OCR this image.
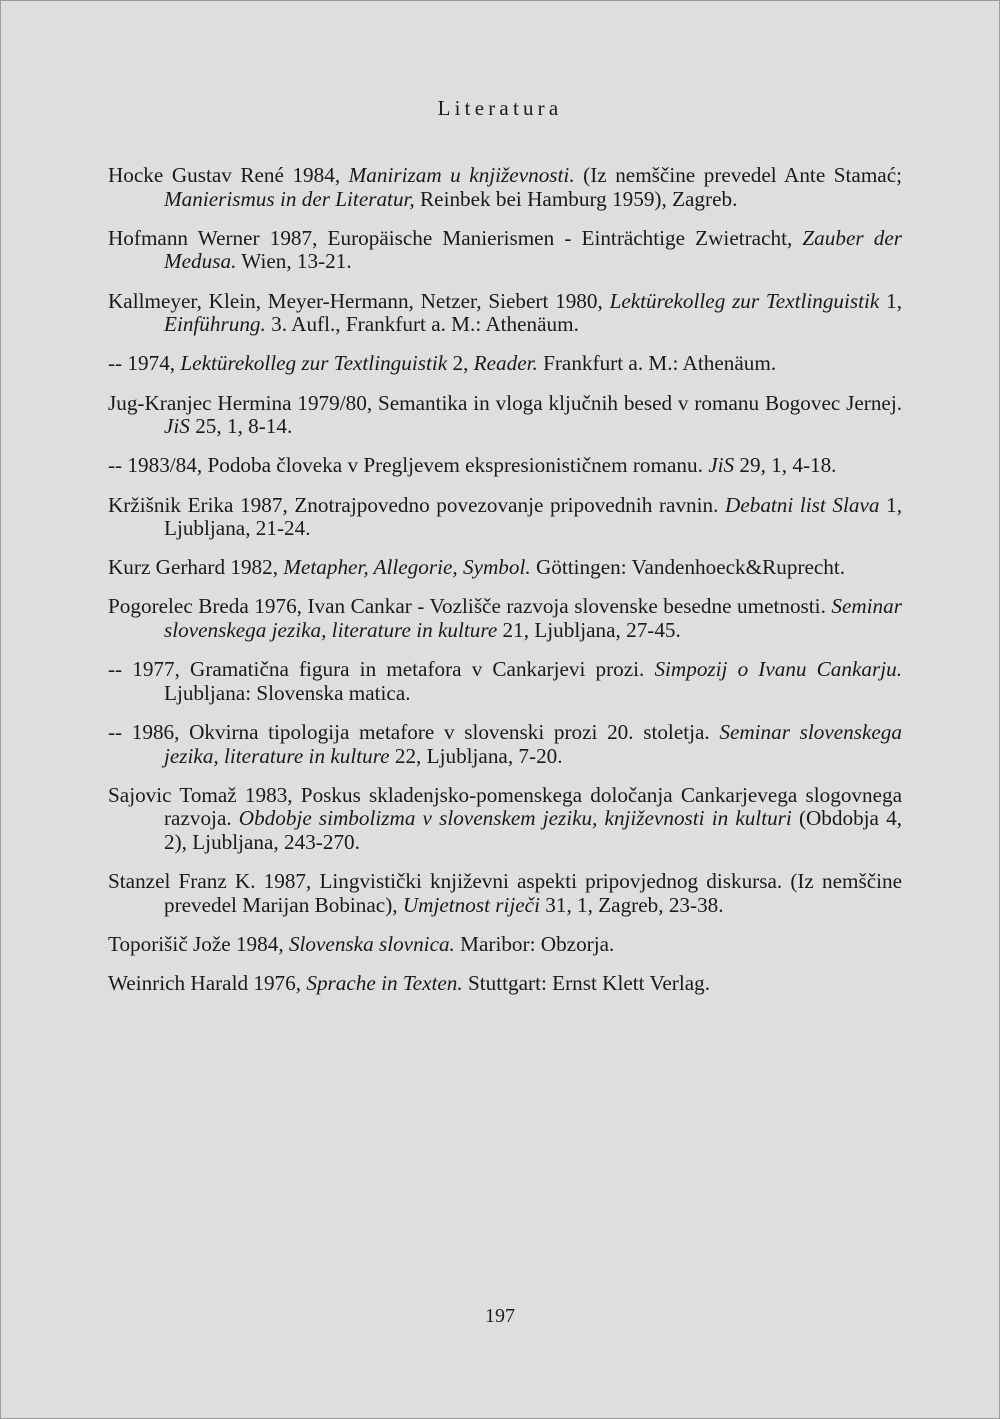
Literatura
Hocke Gustav René 1984, Manirizam u književnosti. (Iz nemščine prevedel Ante Stamać; Manierismus in der Literatur, Reinbek bei Hamburg 1959), Zagreb.
Hofmann Werner 1987, Europäische Manierismen - Einträchtige Zwietracht, Zauber der Medusa. Wien, 13-21.
Kallmeyer, Klein, Meyer-Hermann, Netzer, Siebert 1980, Lektürekolleg zur Textlinguistik 1, Einführung. 3. Aufl., Frankfurt a. M.: Athenäum.
-- 1974, Lektürekolleg zur Textlinguistik 2, Reader. Frankfurt a. M.: Athenäum.
Jug-Kranjec Hermina 1979/80, Semantika in vloga ključnih besed v romanu Bogovec Jernej. JiS 25, 1, 8-14.
-- 1983/84, Podoba človeka v Pregljevem ekspresionističnem romanu. JiS 29, 1, 4-18.
Kržišnik Erika 1987, Znotrajpovedno povezovanje pripovednih ravnin. Debatni list Slava 1, Ljubljana, 21-24.
Kurz Gerhard 1982, Metapher, Allegorie, Symbol. Göttingen: Vandenhoeck&Ruprecht.
Pogorelec Breda 1976, Ivan Cankar - Vozlišče razvoja slovenske besedne umetnosti. Seminar slovenskega jezika, literature in kulture 21, Ljubljana, 27-45.
-- 1977, Gramatična figura in metafora v Cankarjevi prozi. Simpozij o Ivanu Cankarju. Ljubljana: Slovenska matica.
-- 1986, Okvirna tipologija metafore v slovenski prozi 20. stoletja. Seminar slovenskega jezika, literature in kulture 22, Ljubljana, 7-20.
Sajovic Tomaž 1983, Poskus skladenjsko-pomenskega določanja Cankarjevega slogovnega razvoja. Obdobje simbolizma v slovenskem jeziku, književnosti in kulturi (Obdobja 4, 2), Ljubljana, 243-270.
Stanzel Franz K. 1987, Lingvistički književni aspekti pripovjednog diskursa. (Iz nemščine prevedel Marijan Bobinac), Umjetnost riječi 31, 1, Zagreb, 23-38.
Toporišič Jože 1984, Slovenska slovnica. Maribor: Obzorja.
Weinrich Harald 1976, Sprache in Texten. Stuttgart: Ernst Klett Verlag.
197
